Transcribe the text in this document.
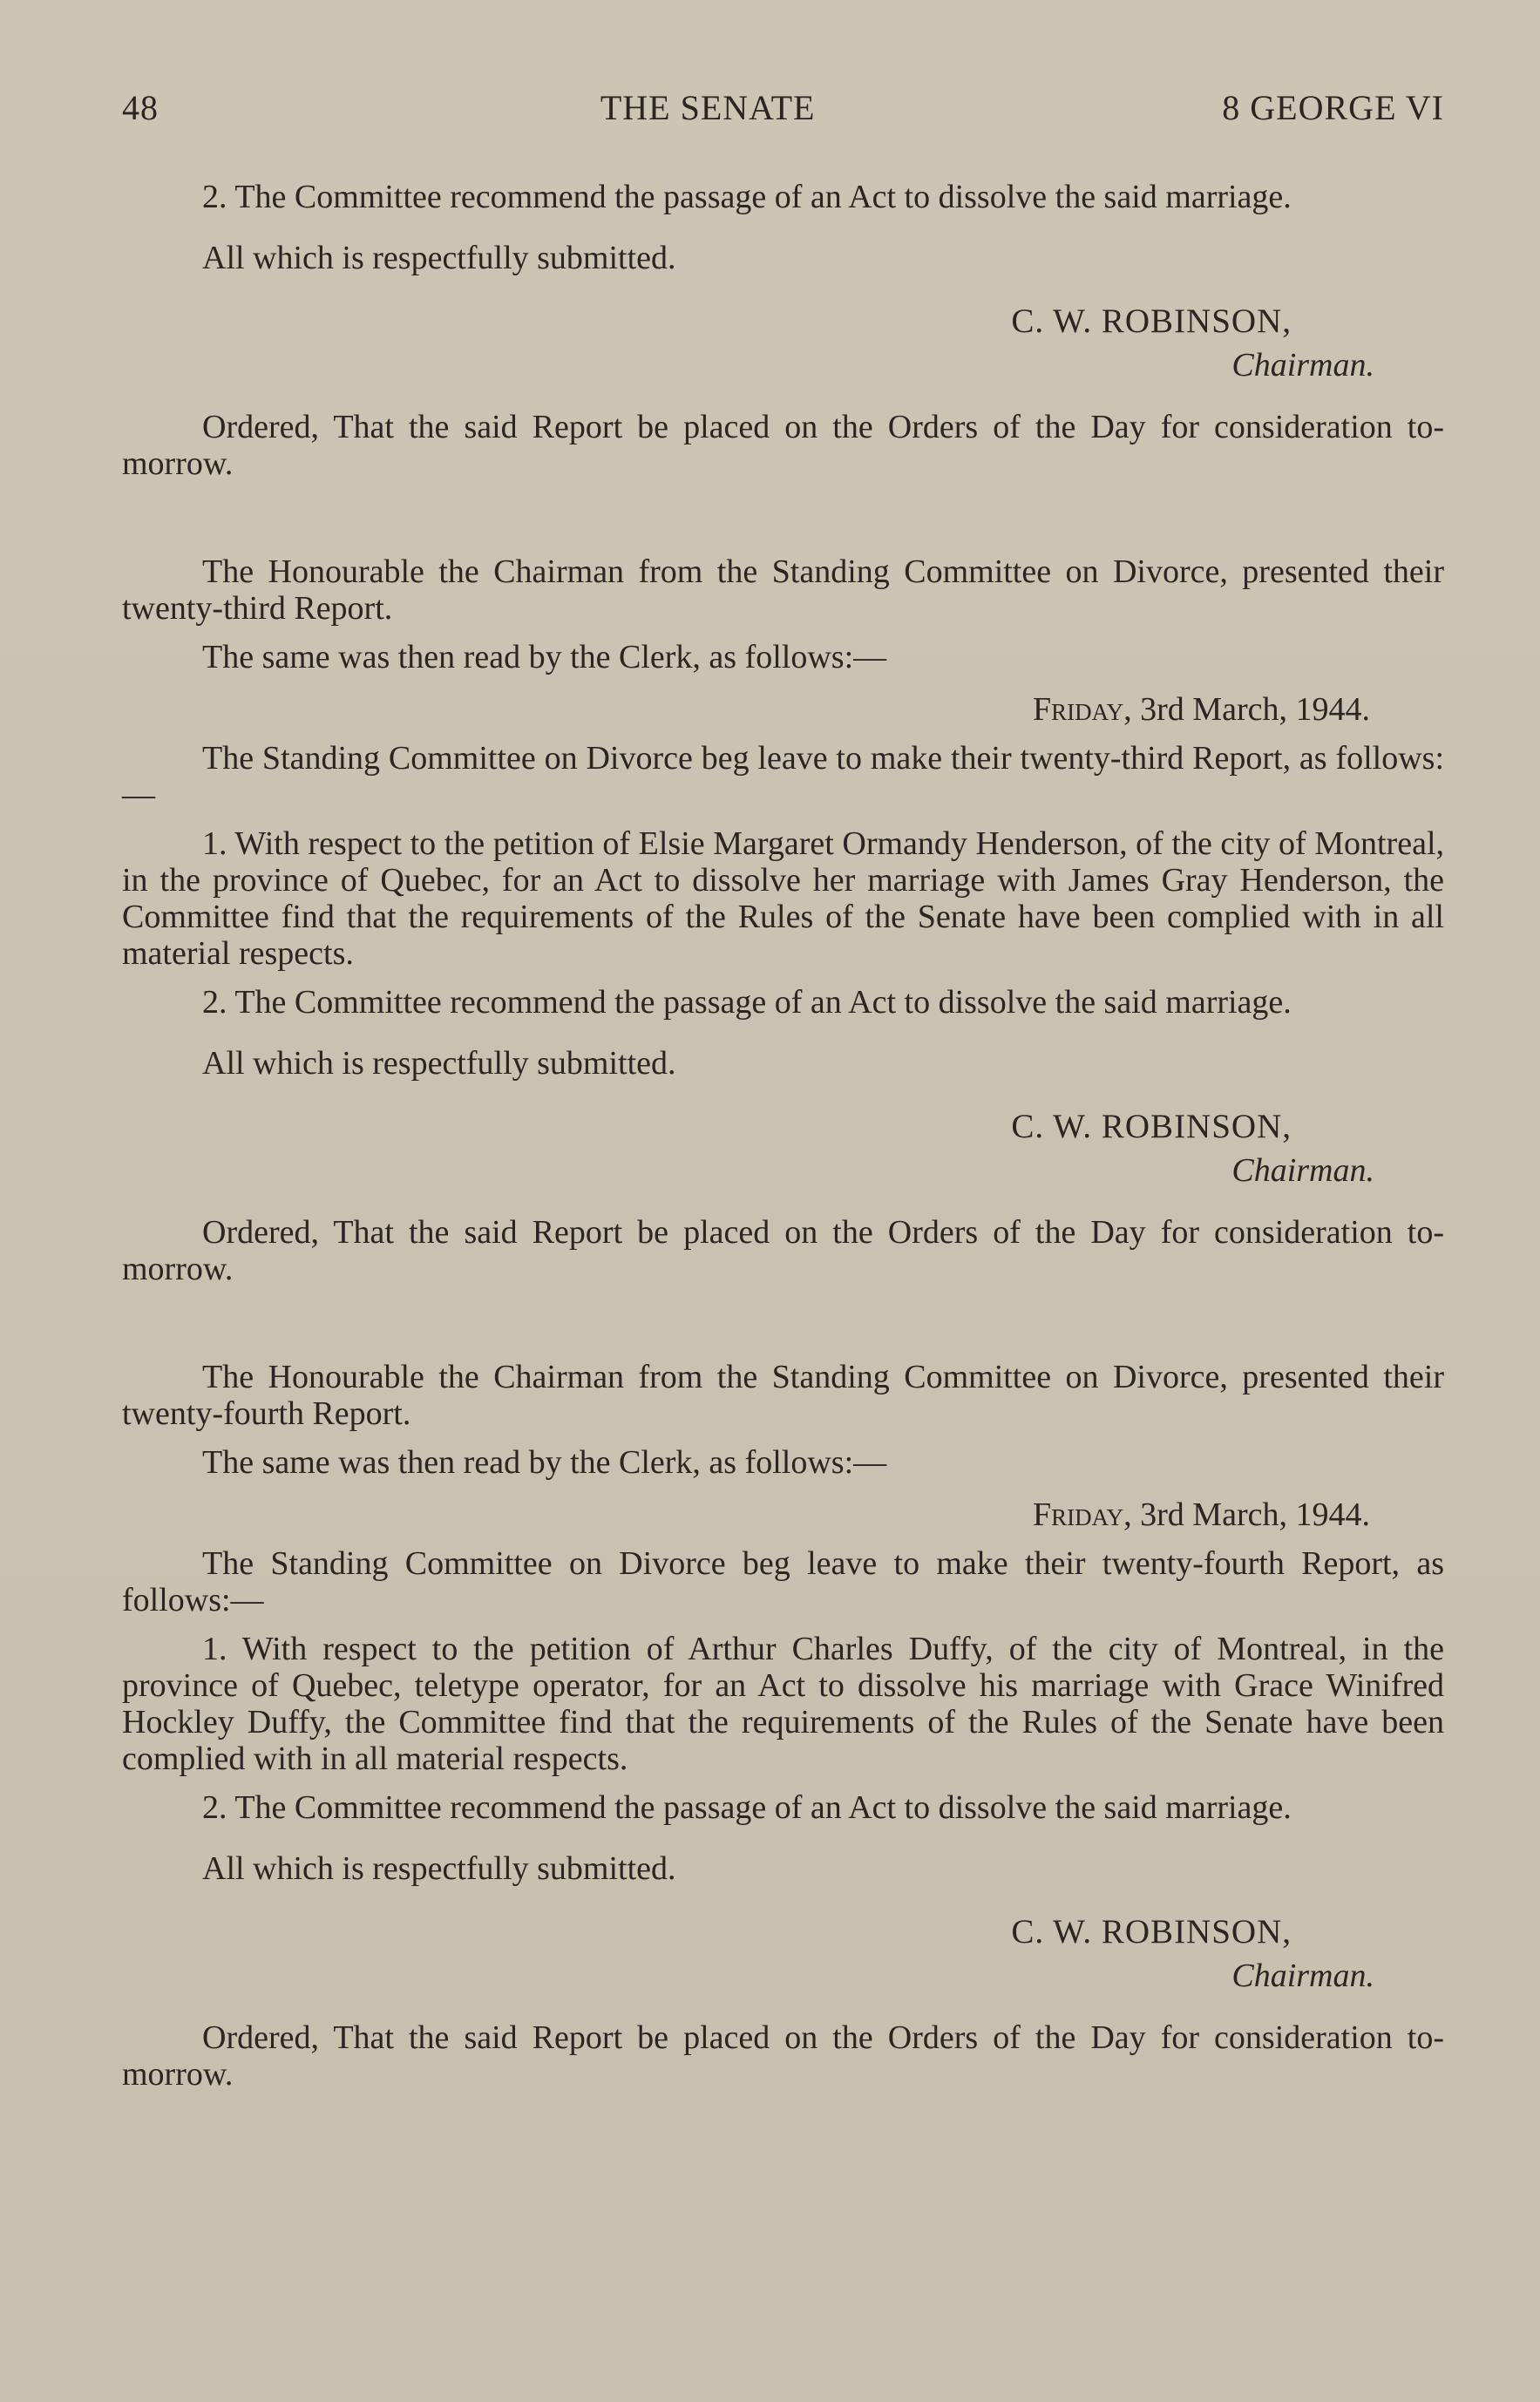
48	THE SENATE	8 GEORGE VI

2. The Committee recommend the passage of an Act to dissolve the said marriage.

All which is respectfully submitted.

C. W. ROBINSON,
Chairman.

Ordered, That the said Report be placed on the Orders of the Day for consideration to-morrow.

The Honourable the Chairman from the Standing Committee on Divorce, presented their twenty-third Report.

The same was then read by the Clerk, as follows:—

Friday, 3rd March, 1944.

The Standing Committee on Divorce beg leave to make their twenty-third Report, as follows:—

1. With respect to the petition of Elsie Margaret Ormandy Henderson, of the city of Montreal, in the province of Quebec, for an Act to dissolve her marriage with James Gray Henderson, the Committee find that the requirements of the Rules of the Senate have been complied with in all material respects.

2. The Committee recommend the passage of an Act to dissolve the said marriage.

All which is respectfully submitted.

C. W. ROBINSON,
Chairman.

Ordered, That the said Report be placed on the Orders of the Day for consideration to-morrow.

The Honourable the Chairman from the Standing Committee on Divorce, presented their twenty-fourth Report.

The same was then read by the Clerk, as follows:—

Friday, 3rd March, 1944.

The Standing Committee on Divorce beg leave to make their twenty-fourth Report, as follows:—

1. With respect to the petition of Arthur Charles Duffy, of the city of Montreal, in the province of Quebec, teletype operator, for an Act to dissolve his marriage with Grace Winifred Hockley Duffy, the Committee find that the requirements of the Rules of the Senate have been complied with in all material respects.

2. The Committee recommend the passage of an Act to dissolve the said marriage.

All which is respectfully submitted.

C. W. ROBINSON,
Chairman.

Ordered, That the said Report be placed on the Orders of the Day for consideration to-morrow.
